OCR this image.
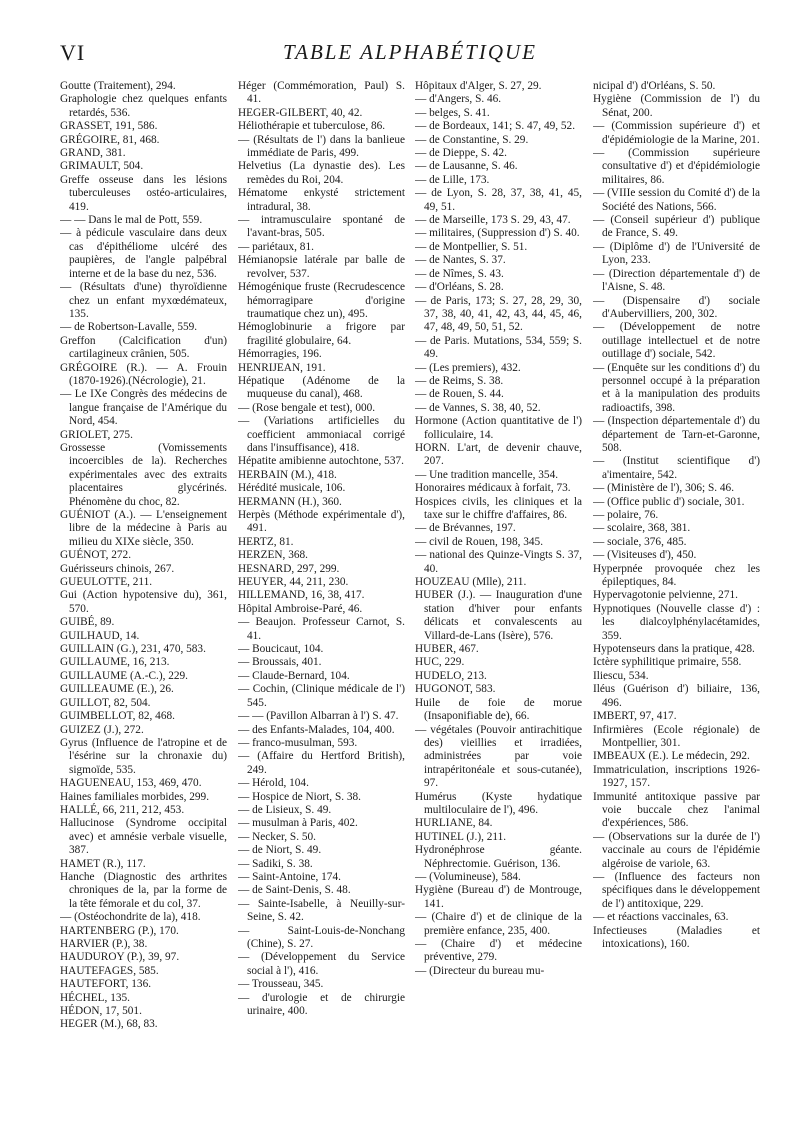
VI	TABLE ALPHABÉTIQUE

Goutte (Traitement), 294.

Graphologie chez quelques enfants retardés, 536.

GRASSET, 191, 586.

GRÉGOIRE, 81, 468.

GRAND, 381.

GRIMAULT, 504.

Greffe osseuse dans les lésions tuberculeuses ostéo-articulaires, 419.

— — Dans le mal de Pott, 559.

— à pédicule vasculaire dans deux cas d'épithéliome ulcéré des paupières, de l'angle palpébral interne et de la base du nez, 536.

— (Résultats d'une) thyroïdienne chez un enfant myxœdémateux, 135.

— de Robertson-Lavalle, 559.

Greffon (Calcification d'un) cartilagineux crânien, 505.

GRÉGOIRE (R.). — A. Frouin (1870-1926).(Nécrologie), 21.

— Le IXe Congrès des médecins de langue française de l'Amérique du Nord, 454.

GRIOLET, 275.

Grossesse (Vomissements incoercibles de la). Recherches expérimentales avec des extraits placentaires glycérinés. Phénomène du choc, 82.

GUÉNIOT (A.). — L'enseignement libre de la médecine à Paris au milieu du XIXe siècle, 350.

GUÉNOT, 272.

Guérisseurs chinois, 267.

GUEULOTTE, 211.

Gui (Action hypotensive du), 361, 570.

GUIBÉ, 89.

GUILHAUD, 14.

GUILLAIN (G.), 231, 470, 583.

GUILLAUME, 16, 213.

GUILLAUME (A.-C.), 229.

GUILLEAUME (E.), 26.

GUILLOT, 82, 504.

GUIMBELLOT, 82, 468.

GUIZEZ (J.), 272.

Gyrus (Influence de l'atropine et de l'ésérine sur la chronaxie du) sigmoïde, 535.

HAGUENEAU, 153, 469, 470.

Haines familiales morbides, 299.

HALLÉ, 66, 211, 212, 453.

Hallucinose (Syndrome occipital avec) et amnésie verbale visuelle, 387.

HAMET (R.), 117.

Hanche (Diagnostic des arthrites chroniques de la, par la forme de la tête fémorale et du col, 37.

— (Ostéochondrite de la), 418.

HARTENBERG (P.), 170.

HARVIER (P.), 38.

HAUDUROY (P.), 39, 97.

HAUTEFAGES, 585.

HAUTEFORT, 136.

HÉCHEL, 135.

HÉDON, 17, 501.

HEGER (M.), 68, 83.

Héger (Commémoration, Paul) S. 41.

HEGER-GILBERT, 40, 42.

Héliothérapie et tuberculose, 86.

— (Résultats de l') dans la banlieue immédiate de Paris, 499.

Helvetius (La dynastie des). Les remèdes du Roi, 204.

Hématome enkysté strictement intradural, 38.

— intramusculaire spontané de l'avant-bras, 505.

— pariétaux, 81.

Hémianopsie latérale par balle de revolver, 537.

Hémogénique fruste (Recrudescence hémorragipare d'origine traumatique chez un), 495.

Hémoglobinurie a frigore par fragilité globulaire, 64.

Hémorragies, 196.

HENRIJEAN, 191.

Hépatique (Adénome de la muqueuse du canal), 468.

— (Rose bengale et test), 000.

— (Variations artificielles du coefficient ammoniacal corrigé dans l'insuffisance), 418.

Hépatite amibienne autochtone, 537.

HERBAIN (M.), 418.

Hérédité musicale, 106.

HERMANN (H.), 360.

Herpès (Méthode expérimentale d'), 491.

HERTZ, 81.

HERZEN, 368.

HESNARD, 297, 299.

HEUYER, 44, 211, 230.

HILLEMAND, 16, 38, 417.

Hôpital Ambroise-Paré, 46.

— Beaujon. Professeur Carnot, S. 41.

— Boucicaut, 104.

— Broussais, 401.

— Claude-Bernard, 104.

— Cochin, (Clinique médicale de l') 545.

— — (Pavillon Albarran à l') S. 47.

— des Enfants-Malades, 104, 400.

— franco-musulman, 593.

— (Affaire du Hertford British), 249.

— Hérold, 104.

— Hospice de Niort, S. 38.

— de Lisieux, S. 49.

— musulman à Paris, 402.

— Necker, S. 50.

— de Niort, S. 49.

— Sadiki, S. 38.

— Saint-Antoine, 174.

— de Saint-Denis, S. 48.

— Sainte-Isabelle, à Neuilly-sur-Seine, S. 42.

— Saint-Louis-de-Nonchang (Chine), S. 27.

— (Développement du Service social à l'), 416.

— Trousseau, 345.

— d'urologie et de chirurgie urinaire, 400.

Hôpitaux d'Alger, S. 27, 29.

— d'Angers, S. 46.

— belges, S. 41.

— de Bordeaux, 141; S. 47, 49, 52.

— de Constantine, S. 29.

— de Dieppe, S. 42.

— de Lausanne, S. 46.

— de Lille, 173.

— de Lyon, S. 28, 37, 38, 41, 45, 49, 51.

— de Marseille, 173 S. 29, 43, 47.

— militaires, (Suppression d') S. 40.

— de Montpellier, S. 51.

— de Nantes, S. 37.

— de Nîmes, S. 43.

— d'Orléans, S. 28.

— de Paris, 173; S. 27, 28, 29, 30, 37, 38, 40, 41, 42, 43, 44, 45, 46, 47, 48, 49, 50, 51, 52.

— de Paris. Mutations, 534, 559; S. 49.

— (Les premiers), 432.

— de Reims, S. 38.

— de Rouen, S. 44.

— de Vannes, S. 38, 40, 52.

Hormone (Action quantitative de l') folliculaire, 14.

HORN. L'art, de devenir chauve, 207.

— Une tradition mancelle, 354.

Honoraires médicaux à forfait, 73.

Hospices civils, les cliniques et la taxe sur le chiffre d'affaires, 86.

— de Brévannes, 197.

— civil de Rouen, 198, 345.

— national des Quinze-Vingts S. 37, 40.

HOUZEAU (Mlle), 211.

HUBER (J.). — Inauguration d'une station d'hiver pour enfants délicats et convalescents au Villard-de-Lans (Isère), 576.

HUBER, 467.

HUC, 229.

HUDELO, 213.

HUGONOT, 583.

Huile de foie de morue (Insaponifiable de), 66.

— végétales (Pouvoir antirachitique des) vieillies et irradiées, administrées par voie intrapéritonéale et sous-cutanée), 97.

Humérus (Kyste hydatique multiloculaire de l'), 496.

HURLIANE, 84.

HUTINEL (J.), 211.

Hydronéphrose géante. Néphrectomie. Guérison, 136.

— (Volumineuse), 584.

Hygiène (Bureau d') de Montrouge, 141.

— (Chaire d') et de clinique de la première enfance, 235, 400.

— (Chaire d') et médecine préventive, 279.

— (Directeur du bureau mu-

nicipal d') d'Orléans, S. 50.

Hygiène (Commission de l') du Sénat, 200.

— (Commission supérieure d') et d'épidémiologie de la Marine, 201.

— (Commission supérieure consultative d') et d'épidémiologie militaires, 86.

— (VIIIe session du Comité d') de la Société des Nations, 566.

— (Conseil supérieur d') publique de France, S. 49.

— (Diplôme d') de l'Université de Lyon, 233.

— (Direction départementale d') de l'Aisne, S. 48.

— (Dispensaire d') sociale d'Aubervilliers, 200, 302.

— (Développement de notre outillage intellectuel et de notre outillage d') sociale, 542.

— (Enquête sur les conditions d') du personnel occupé à la préparation et à la manipulation des produits radioactifs, 398.

— (Inspection départementale d') du département de Tarn-et-Garonne, 508.

— (Institut scientifique d') a'imentaire, 542.

— (Ministère de l'), 306; S. 46.

— (Office public d') sociale, 301.

— polaire, 76.

— scolaire, 368, 381.

— sociale, 376, 485.

— (Visiteuses d'), 450.

Hyperpnée provoquée chez les épileptiques, 84.

Hypervagotonie pelvienne, 271.

Hypnotiques (Nouvelle classe d') : les dialcoylphénylacétamides, 359.

Hypotenseurs dans la pratique, 428.

Ictère syphilitique primaire, 558.

Iliescu, 534.

Iléus (Guérison d') biliaire, 136, 496.

IMBERT, 97, 417.

Infirmières (Ecole régionale) de Montpellier, 301.

IMBEAUX (E.). Le médecin, 292.

Immatriculation, inscriptions 1926-1927, 157.

Immunité antitoxique passive par voie buccale chez l'animal d'expériences, 586.

— (Observations sur la durée de l') vaccinale au cours de l'épidémie algéroise de variole, 63.

— (Influence des facteurs non spécifiques dans le développement de l') antitoxique, 229.

— et réactions vaccinales, 63.

Infectieuses (Maladies et intoxications), 160.
